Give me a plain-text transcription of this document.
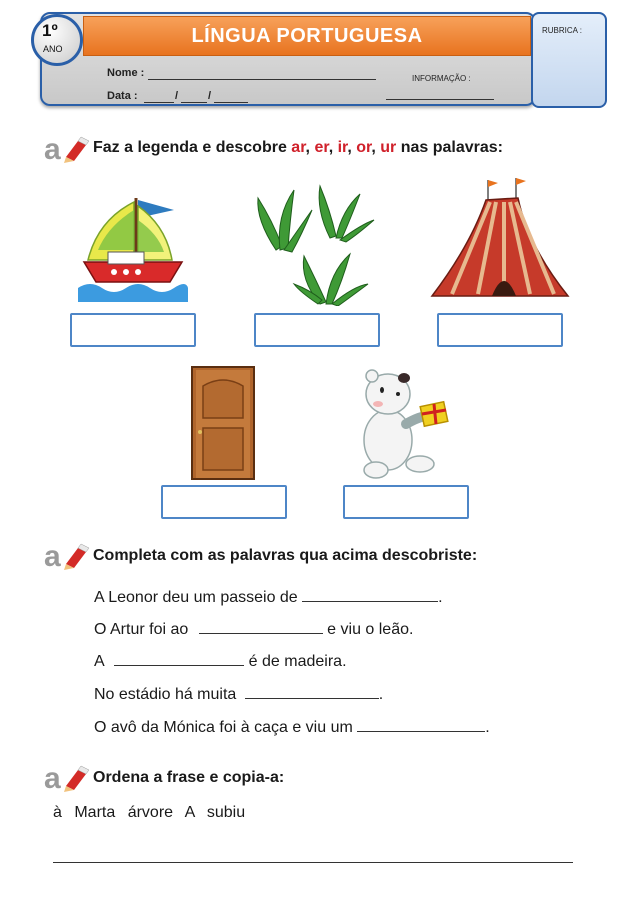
LÍNGUA PORTUGUESA
1º
ANO
RUBRICA :
Nome :
Data :	/	/
INFORMAÇÃO :
a Faz a legenda e descobre ar, er, ir, or, ur nas palavras:
a Completa com as palavras qua acima descobriste:
A Leonor deu um passeio de	.
O Artur foi ao	e viu o leão.
A	é de madeira.
No estádio há muita	.
O avô da Mónica foi à caça e viu um	.
a Ordena a frase e copia-a:
à Marta árvore A subiu
